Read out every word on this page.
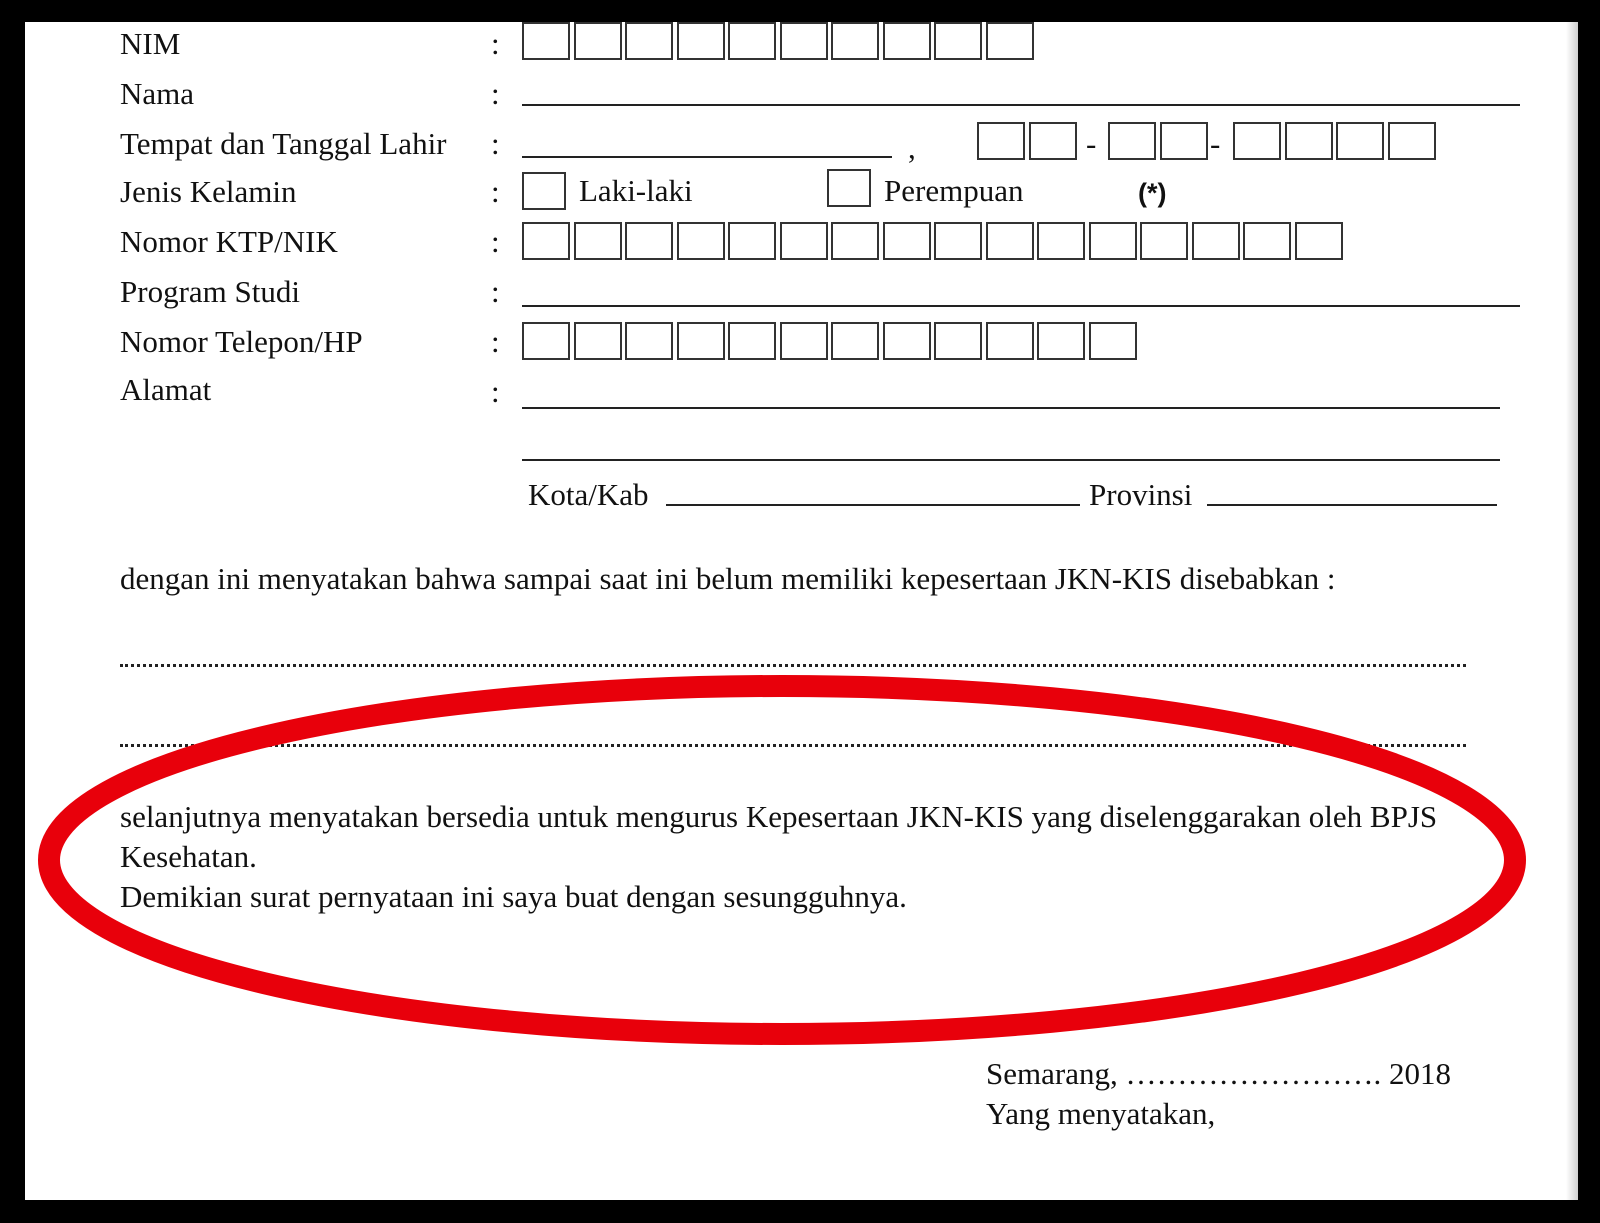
NIM	:
Nama	:
Tempat dan Tanggal Lahir :	,	-	-
Jenis Kelamin	:	Laki-laki	Perempuan	(*)
Nomor KTP/NIK	:
Program Studi	:
Nomor Telepon/HP	:
Alamat	:
Kota/Kab	Provinsi
dengan ini menyatakan bahwa sampai saat ini belum memiliki kepesertaan JKN-KIS disebabkan :
selanjutnya menyatakan bersedia untuk mengurus Kepesertaan JKN-KIS yang diselenggarakan oleh BPJS
Kesehatan.
Demikian surat pernyataan ini saya buat dengan sesungguhnya.
Semarang, ……………………. 2018
Yang menyatakan,
